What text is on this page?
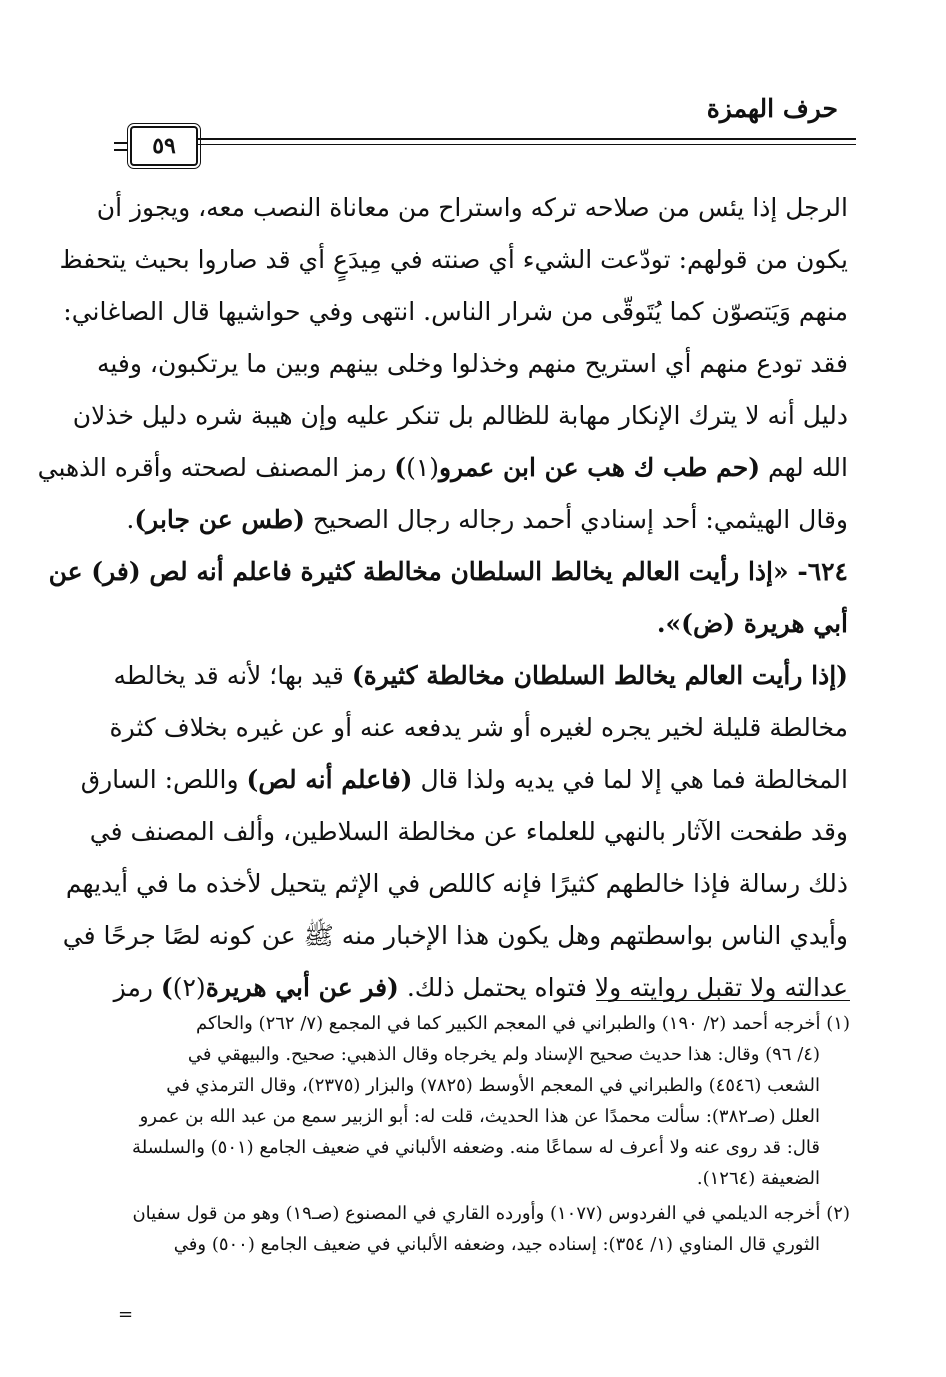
حرف الهمزة
٥٩
الرجل إذا يئس من صلاحه تركه واستراح من معاناة النصب معه، ويجوز أن
يكون من قولهم: تودّعت الشيء أي صنته في مِيدَعٍ أي قد صاروا بحيث يتحفظ
منهم وَيَتصوّن كما يُتَوقّى من شرار الناس. انتهى وفي حواشيها قال الصاغاني:
فقد تودع منهم أي استريح منهم وخذلوا وخلى بينهم وبين ما يرتكبون، وفيه
دليل أنه لا يترك الإنكار مهابة للظالم بل تنكر عليه وإن هيبة شره دليل خذلان
الله لهم (حم طب ك هب عن ابن عمرو(١)) رمز المصنف لصحته وأقره الذهبي
وقال الهيثمي: أحد إسنادي أحمد رجاله رجال الصحيح (طس عن جابر).
٦٢٤- «إذا رأيت العالم يخالط السلطان مخالطة كثيرة فاعلم أنه لص (فر) عن
أبي هريرة (ض)».
(إذا رأيت العالم يخالط السلطان مخالطة كثيرة) قيد بها؛ لأنه قد يخالطه
مخالطة قليلة لخير يجره لغيره أو شر يدفعه عنه أو عن غيره بخلاف كثرة
المخالطة فما هي إلا لما في يديه ولذا قال (فاعلم أنه لص) واللص: السارق
وقد طفحت الآثار بالنهي للعلماء عن مخالطة السلاطين، وألف المصنف في
ذلك رسالة فإذا خالطهم كثيرًا فإنه كاللص في الإثم يتحيل لأخذه ما في أيديهم
وأيدي الناس بواسطتهم وهل يكون هذا الإخبار منه ﷺ عن كونه لصًا جرحًا في
عدالته ولا تقبل روايته ولا فتواه يحتمل ذلك. (فر عن أبي هريرة(٢)) رمز
(١) أخرجه أحمد (٢/ ١٩٠) والطبراني في المعجم الكبير كما في المجمع (٧/ ٢٦٢) والحاكم
(٤/ ٩٦) وقال: هذا حديث صحيح الإسناد ولم يخرجاه وقال الذهبي: صحيح. والبيهقي في
الشعب (٤٥٤٦) والطبراني في المعجم الأوسط (٧٨٢٥) والبزار (٢٣٧٥)، وقال الترمذي في
العلل (صـ٣٨٢): سألت محمدًا عن هذا الحديث، قلت له: أبو الزبير سمع من عبد الله بن عمرو
قال: قد روى عنه ولا أعرف له سماعًا منه. وضعفه الألباني في ضعيف الجامع (٥٠١) والسلسلة
الضعيفة (١٢٦٤).
(٢) أخرجه الديلمي في الفردوس (١٠٧٧) وأورده القاري في المصنوع (صـ١٩) وهو من قول سفيان
الثوري قال المناوي (١/ ٣٥٤): إسناده جيد، وضعفه الألباني في ضعيف الجامع (٥٠٠) وفي
=
